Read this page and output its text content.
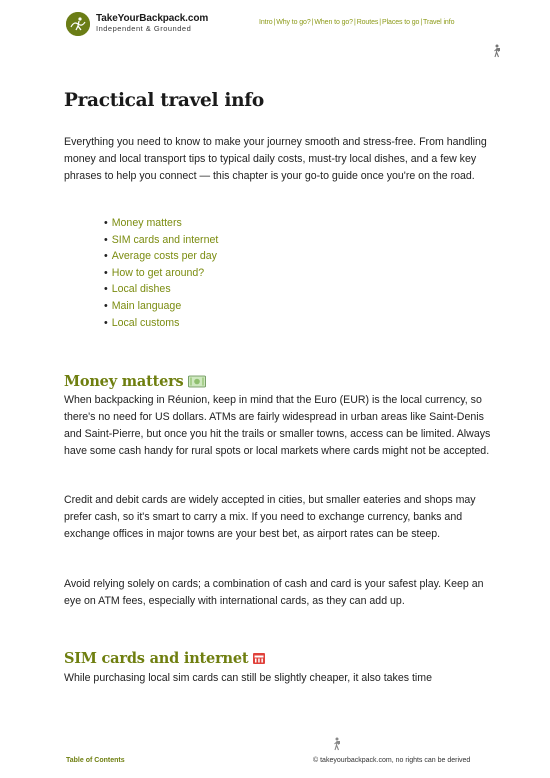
TakeYourBackpack.com
Independent & Grounded
Intro|Why to go?|When to go?|Routes|Places to go|Travel info
Practical travel info

Everything you need to know to make your journey smooth and stress-free. From handling money and local transport tips to typical daily costs, must-try local dishes, and a few key phrases to help you connect — this chapter is your go-to guide once you're on the road.

• Money matters
• SIM cards and internet
• Average costs per day
• How to get around?
• Local dishes
• Main language
• Local customs
Money matters

When backpacking in Réunion, keep in mind that the Euro (EUR) is the local currency, so there's no need for US dollars. ATMs are fairly widespread in urban areas like Saint-Denis and Saint-Pierre, but once you hit the trails or smaller towns, access can be limited. Always have some cash handy for rural spots or local markets where cards might not be accepted.

Credit and debit cards are widely accepted in cities, but smaller eateries and shops may prefer cash, so it's smart to carry a mix. If you need to exchange currency, banks and exchange offices in major towns are your best bet, as airport rates can be steep.

Avoid relying solely on cards; a combination of cash and card is your safest play. Keep an eye on ATM fees, especially with international cards, as they can add up.

SIM cards and internet

While purchasing local sim cards can still be slightly cheaper, it also takes time

Table of Contents	© takeyourbackpack.com, no rights can be derived
